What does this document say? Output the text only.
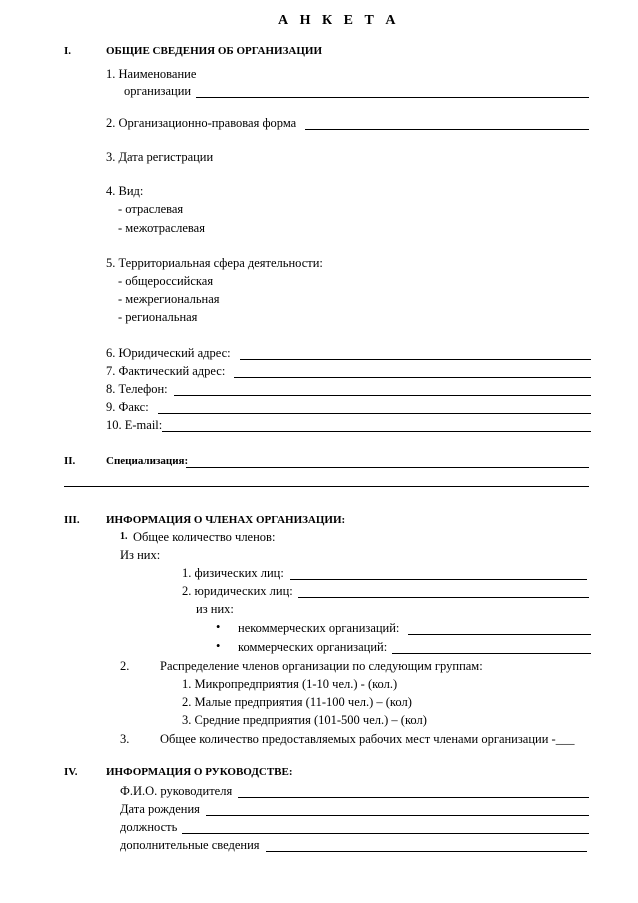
А Н К Е Т А
I.	ОБЩИЕ СВЕДЕНИЯ ОБ ОРГАНИЗАЦИИ
1. Наименование
организации
2. Организационно-правовая форма
3. Дата регистрации
4. Вид:
- отраслевая
- межотраслевая
5. Территориальная сфера деятельности:
- общероссийская
- межрегиональная
- региональная
6. Юридический адрес:
7. Фактический адрес:
8. Телефон:
9. Факс:
10. E-mail:
II.	Специализация:
III. ИНФОРМАЦИЯ О ЧЛЕНАХ ОРГАНИЗАЦИИ:
1. Общее количество членов:
Из них:
1. физических лиц:
2. юридических лиц:
из них:
• некоммерческих организаций:
• коммерческих организаций:
2. Распределение членов организации по следующим группам:
1. Микропредприятия (1-10 чел.) - (кол.)
2. Малые предприятия (11-100 чел.) – (кол)
3. Средние предприятия (101-500 чел.) – (кол)
3. Общее количество предоставляемых рабочих мест членами организации -___
IV.	ИНФОРМАЦИЯ О РУКОВОДСТВЕ:
Ф.И.О. руководителя
Дата рождения
должность
дополнительные сведения
